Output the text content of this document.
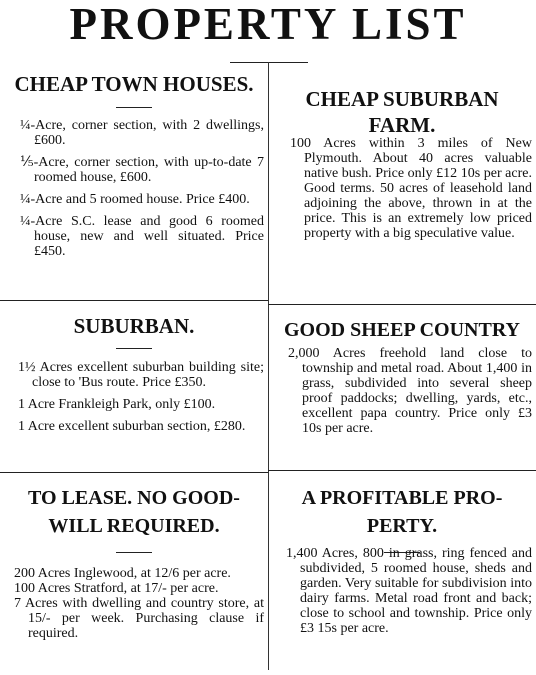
PROPERTY LIST
CHEAP TOWN HOUSES.
¼-Acre, corner section, with 2 dwellings, £600.
⅕-Acre, corner section, with up-to-date 7 roomed house, £600.
¼-Acre and 5 roomed house. Price £400.
¼-Acre S.C. lease and good 6 roomed house, new and well situated. Price £450.
SUBURBAN.
1½ Acres excellent suburban building site; close to 'Bus route. Price £350.
1 Acre Frankleigh Park, only £100.
1 Acre excellent suburban section, £280.
TO LEASE. NO GOOD-
WILL REQUIRED.
200 Acres Inglewood, at 12/6 per acre.
100 Acres Stratford, at 17/- per acre.
7 Acres with dwelling and country store, at 15/- per week. Purchasing clause if required.
CHEAP SUBURBAN
FARM.
100 Acres within 3 miles of New Plymouth. About 40 acres valuable native bush. Price only £12 10s per acre. Good terms. 50 acres of leasehold land adjoining the above, thrown in at the price. This is an extremely low priced property with a big speculative value.
GOOD SHEEP COUNTRY
2,000 Acres freehold land close to township and metal road. About 1,400 in grass, subdivided into several sheep proof paddocks; dwelling, yards, etc., excellent papa country. Price only £3 10s per acre.
A PROFITABLE PRO-
PERTY.
1,400 Acres, 800 in grass, ring fenced and subdivided, 5 roomed house, sheds and garden. Very suitable for subdivision into dairy farms. Metal road front and back; close to school and township. Price only £3 15s per acre.
